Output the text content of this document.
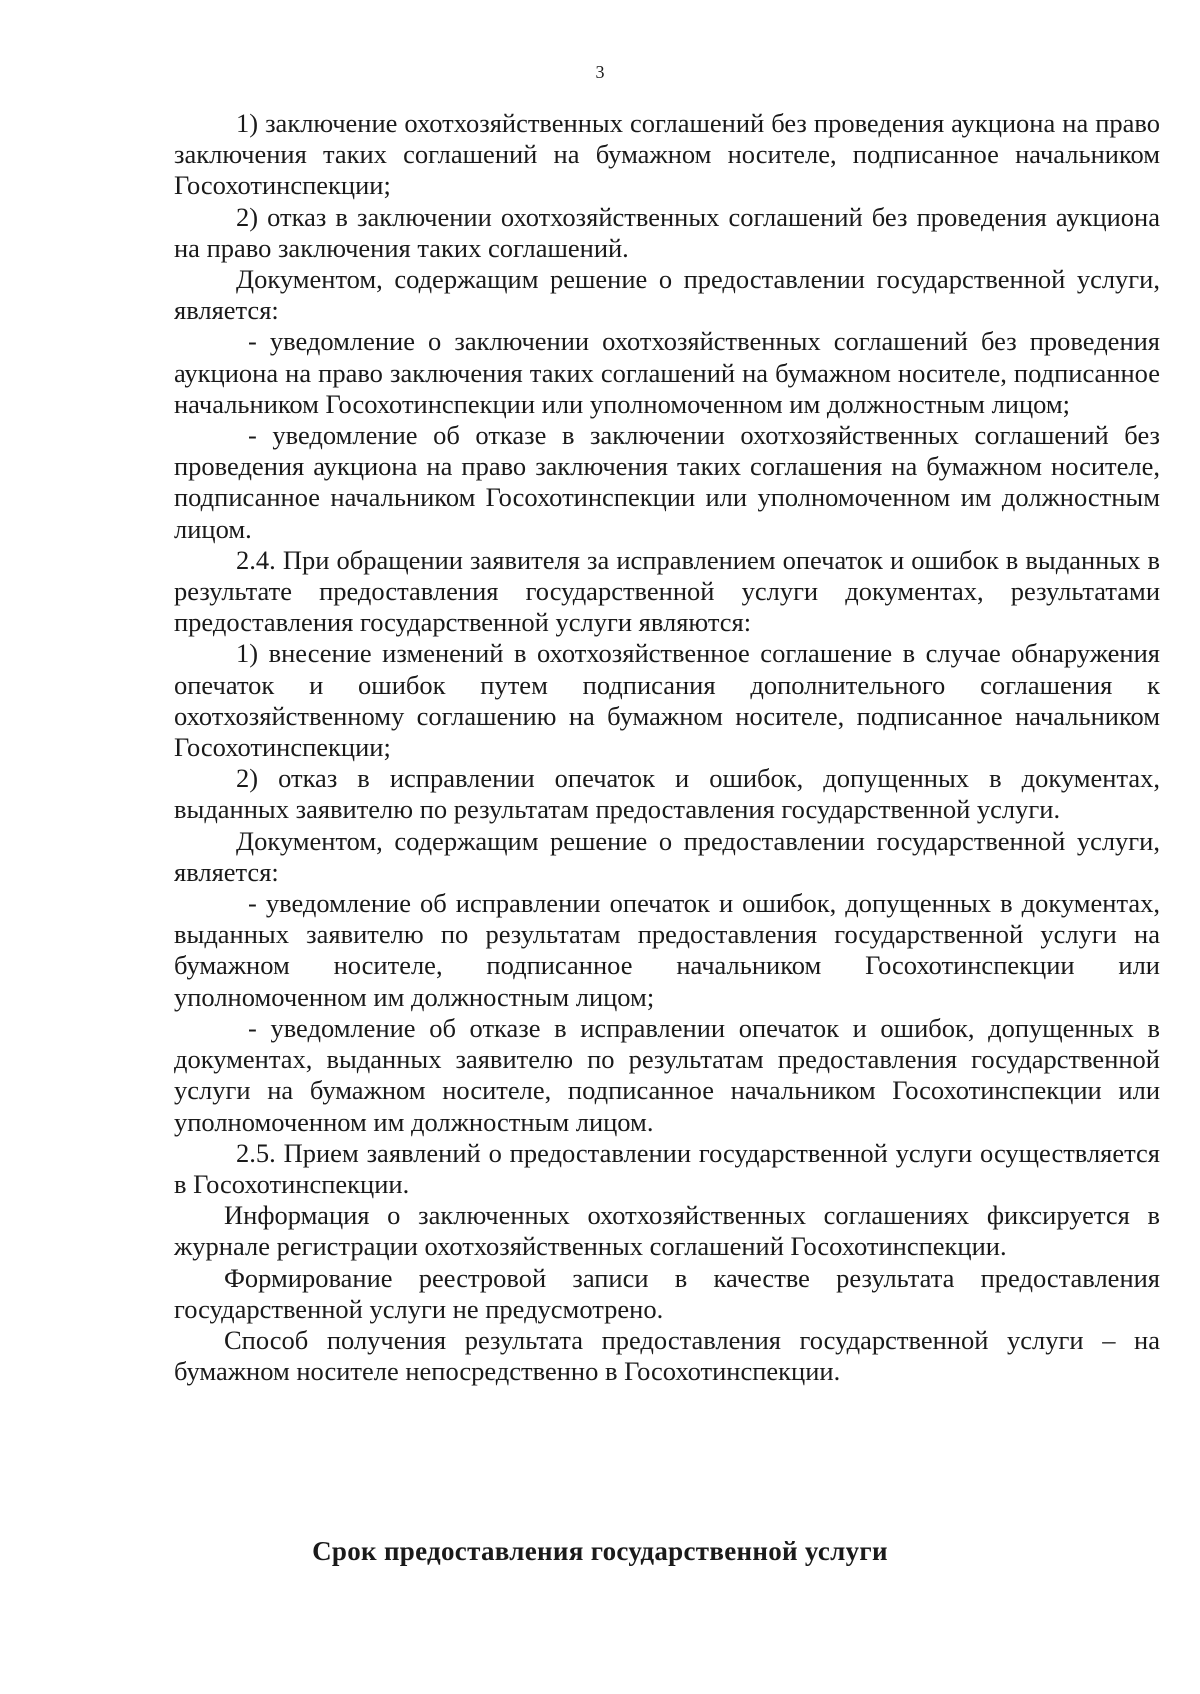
3

1) заключение охотхозяйственных соглашений без проведения аукциона на право заключения таких соглашений на бумажном носителе, подписанное начальником Госохотинспекции;

2) отказ в заключении охотхозяйственных соглашений без проведения аукциона на право заключения таких соглашений.

Документом, содержащим решение о предоставлении государственной услуги, является:

- уведомление о заключении охотхозяйственных соглашений без проведения аукциона на право заключения таких соглашений на бумажном носителе, подписанное начальником Госохотинспекции или уполномоченном им должностным лицом;

- уведомление об отказе в заключении охотхозяйственных соглашений без проведения аукциона на право заключения таких соглашения на бумажном носителе, подписанное начальником Госохотинспекции или уполномоченном им должностным лицом.

2.4. При обращении заявителя за исправлением опечаток и ошибок в выданных в результате предоставления государственной услуги документах, результатами предоставления государственной услуги являются:

1) внесение изменений в охотхозяйственное соглашение в случае обнаружения опечаток и ошибок путем подписания дополнительного соглашения к охотхозяйственному соглашению на бумажном носителе, подписанное начальником Госохотинспекции;

2) отказ в исправлении опечаток и ошибок, допущенных в документах, выданных заявителю по результатам предоставления государственной услуги.

Документом, содержащим решение о предоставлении государственной услуги, является:

- уведомление об исправлении опечаток и ошибок, допущенных в документах, выданных заявителю по результатам предоставления государственной услуги на бумажном носителе, подписанное начальником Госохотинспекции или уполномоченном им должностным лицом;

- уведомление об отказе в исправлении опечаток и ошибок, допущенных в документах, выданных заявителю по результатам предоставления государственной услуги на бумажном носителе, подписанное начальником Госохотинспекции или уполномоченном им должностным лицом.

2.5. Прием заявлений о предоставлении государственной услуги осуществляется в Госохотинспекции.

Информация о заключенных охотхозяйственных соглашениях фиксируется в журнале регистрации охотхозяйственных соглашений Госохотинспекции.

Формирование реестровой записи в качестве результата предоставления государственной услуги не предусмотрено.

Способ получения результата предоставления государственной услуги – на бумажном носителе непосредственно в Госохотинспекции.

Срок предоставления государственной услуги
